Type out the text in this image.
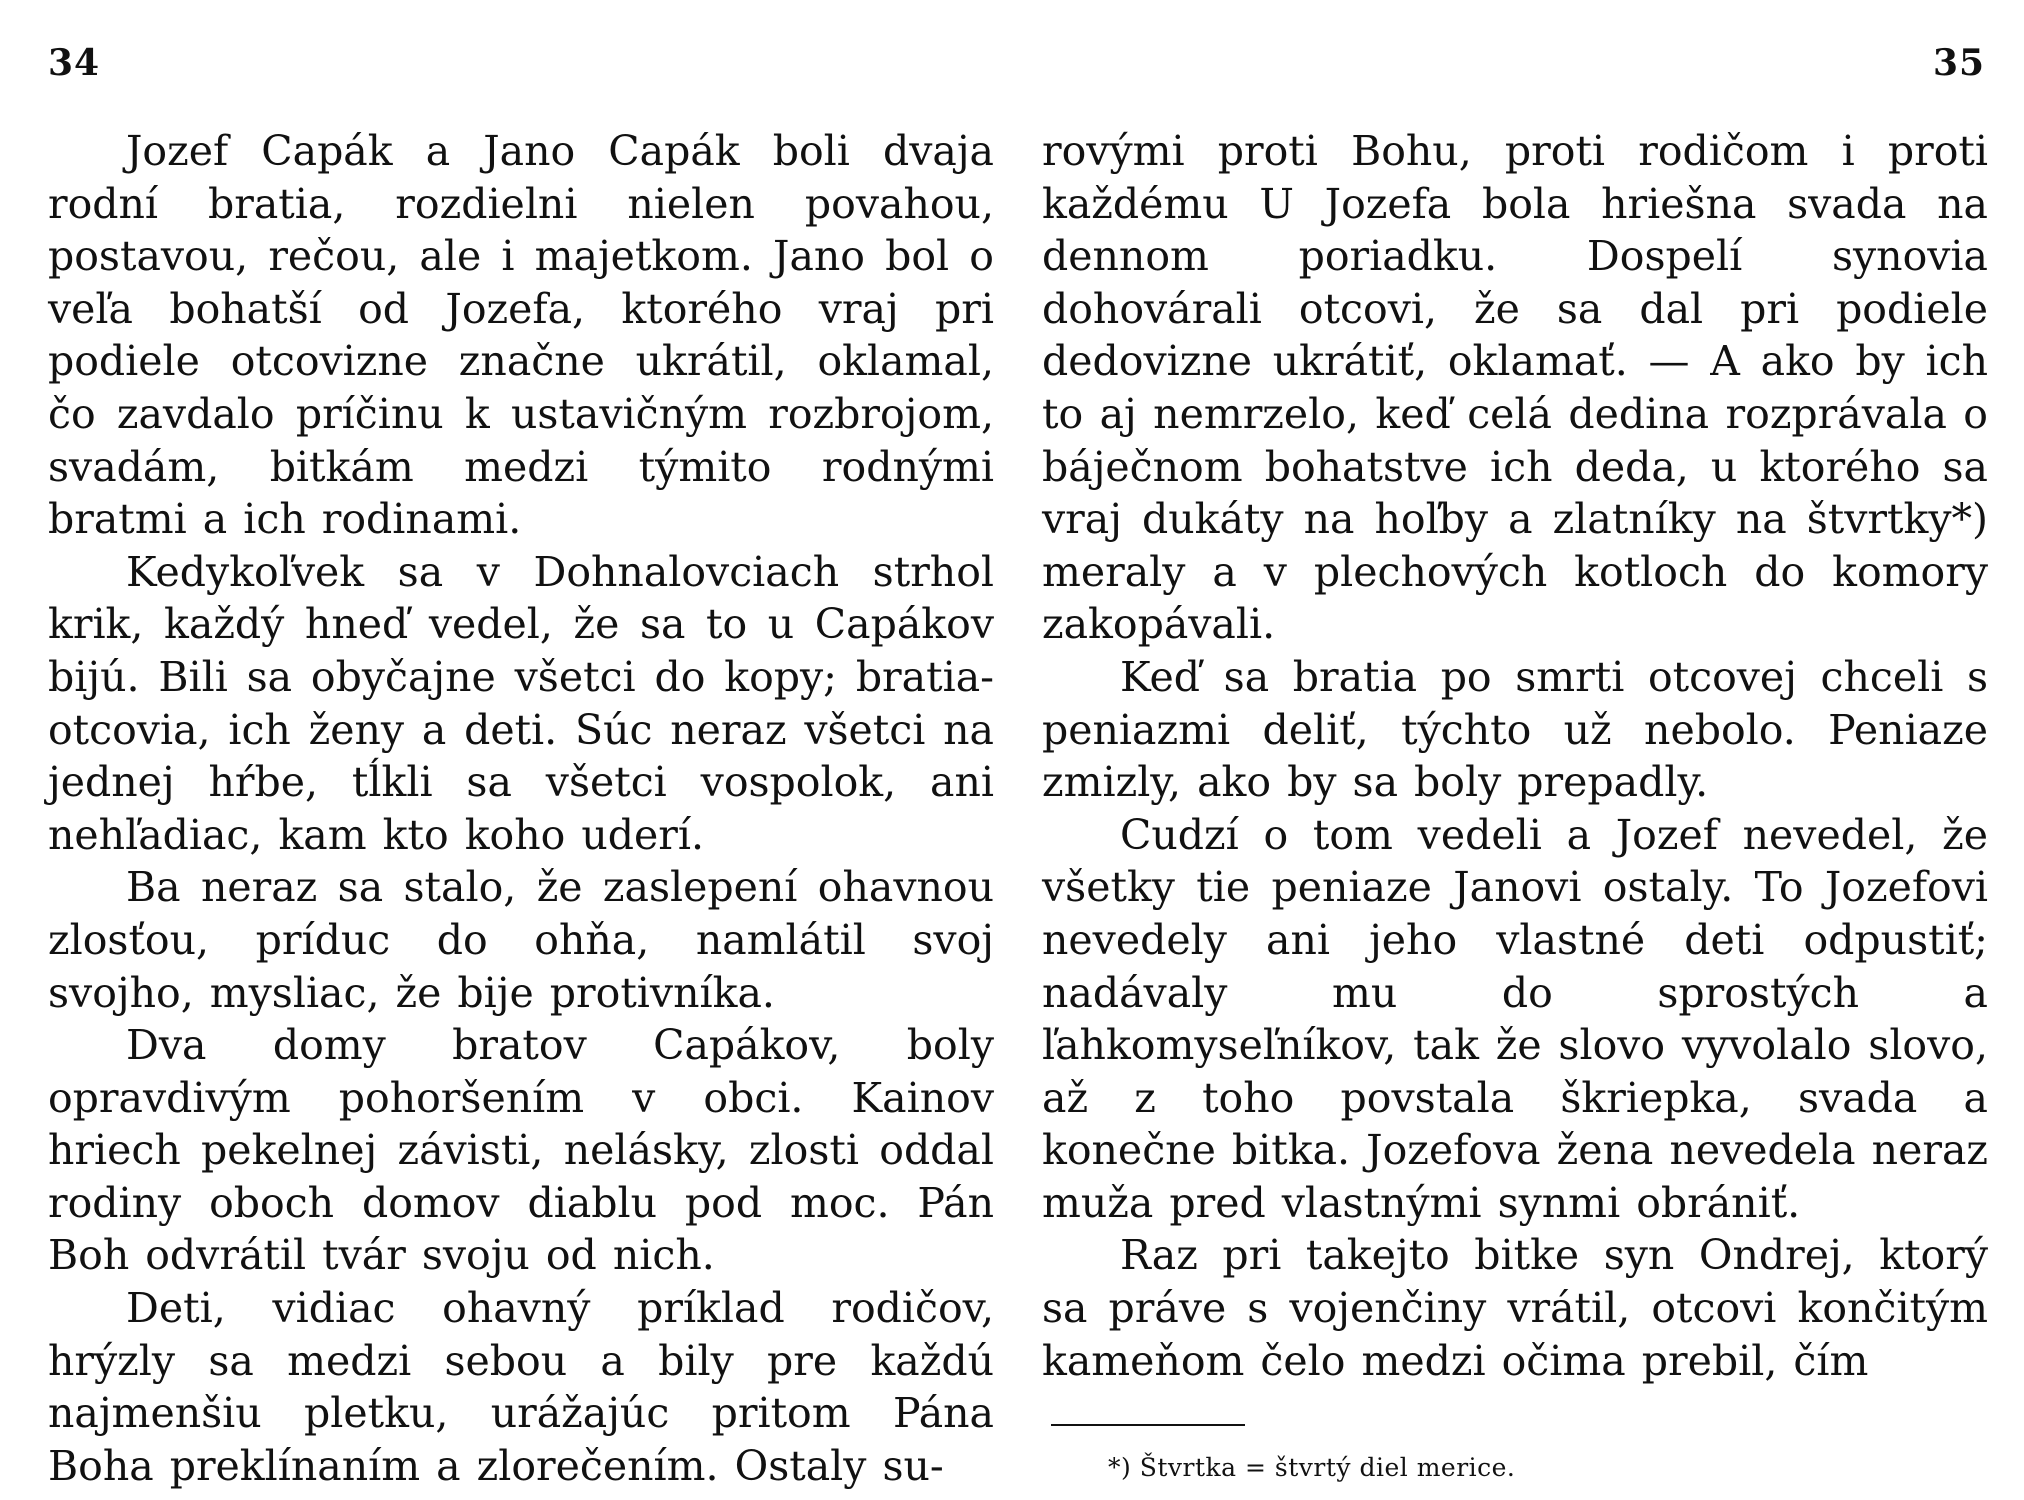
34	35

Jozef Capák a Jano Capák boli dvaja rodní bratia, rozdielni nielen povahou, postavou, rečou, ale i majetkom. Jano bol o veľa bohatší od Jozefa, ktorého vraj pri podiele otcovizne značne ukrátil, oklamal, čo zavdalo príčinu k ustavičným rozbrojom, svadám, bitkám medzi týmito rodnými bratmi a ich rodinami.

Kedykoľvek sa v Dohnalovciach strhol krik, každý hneď vedel, že sa to u Capákov bijú. Bili sa obyčajne všetci do kopy; bratia-otcovia, ich ženy a deti. Súc neraz všetci na jednej hŕbe, tĺkli sa všetci vospolok, ani nehľadiac, kam kto koho uderí.

Ba neraz sa stalo, že zaslepení ohavnou zlosťou, príduc do ohňa, namlátil svoj svojho, mysliac, že bije protivníka.

Dva domy bratov Capákov, boly opravdivým pohoršením v obci. Kainov hriech pekelnej závisti, nelásky, zlosti oddal rodiny oboch domov diablu pod moc. Pán Boh odvrátil tvár svoju od nich.

Deti, vidiac ohavný príklad rodičov, hrýzly sa medzi sebou a bily pre každú najmenšiu pletku, urážajúc pritom Pána Boha preklínaním a zlorečením. Ostaly su-

rovými proti Bohu, proti rodičom i proti každému U Jozefa bola hriešna svada na dennom poriadku. Dospelí synovia dohovárali otcovi, že sa dal pri podiele dedovizne ukrátiť, oklamať. — A ako by ich to aj nemrzelo, keď celá dedina rozprávala o báječnom bohatstve ich deda, u ktorého sa vraj dukáty na hoľby a zlatníky na štvrtky*) meraly a v plechových kotloch do komory zakopávali.

Keď sa bratia po smrti otcovej chceli s peniazmi deliť, týchto už nebolo. Peniaze zmizly, ako by sa boly prepadly.

Cudzí o tom vedeli a Jozef nevedel, že všetky tie peniaze Janovi ostaly. To Jozefovi nevedely ani jeho vlastné deti odpustiť; nadávaly mu do sprostých a ľahkomyseľníkov, tak že slovo vyvolalo slovo, až z toho povstala škriepka, svada a konečne bitka. Jozefova žena nevedela neraz muža pred vlastnými synmi obrániť.

Raz pri takejto bitke syn Ondrej, ktorý sa práve s vojenčiny vrátil, otcovi končitým kameňom čelo medzi očima prebil, čím

*) Štvrtka = štvrtý diel merice.
